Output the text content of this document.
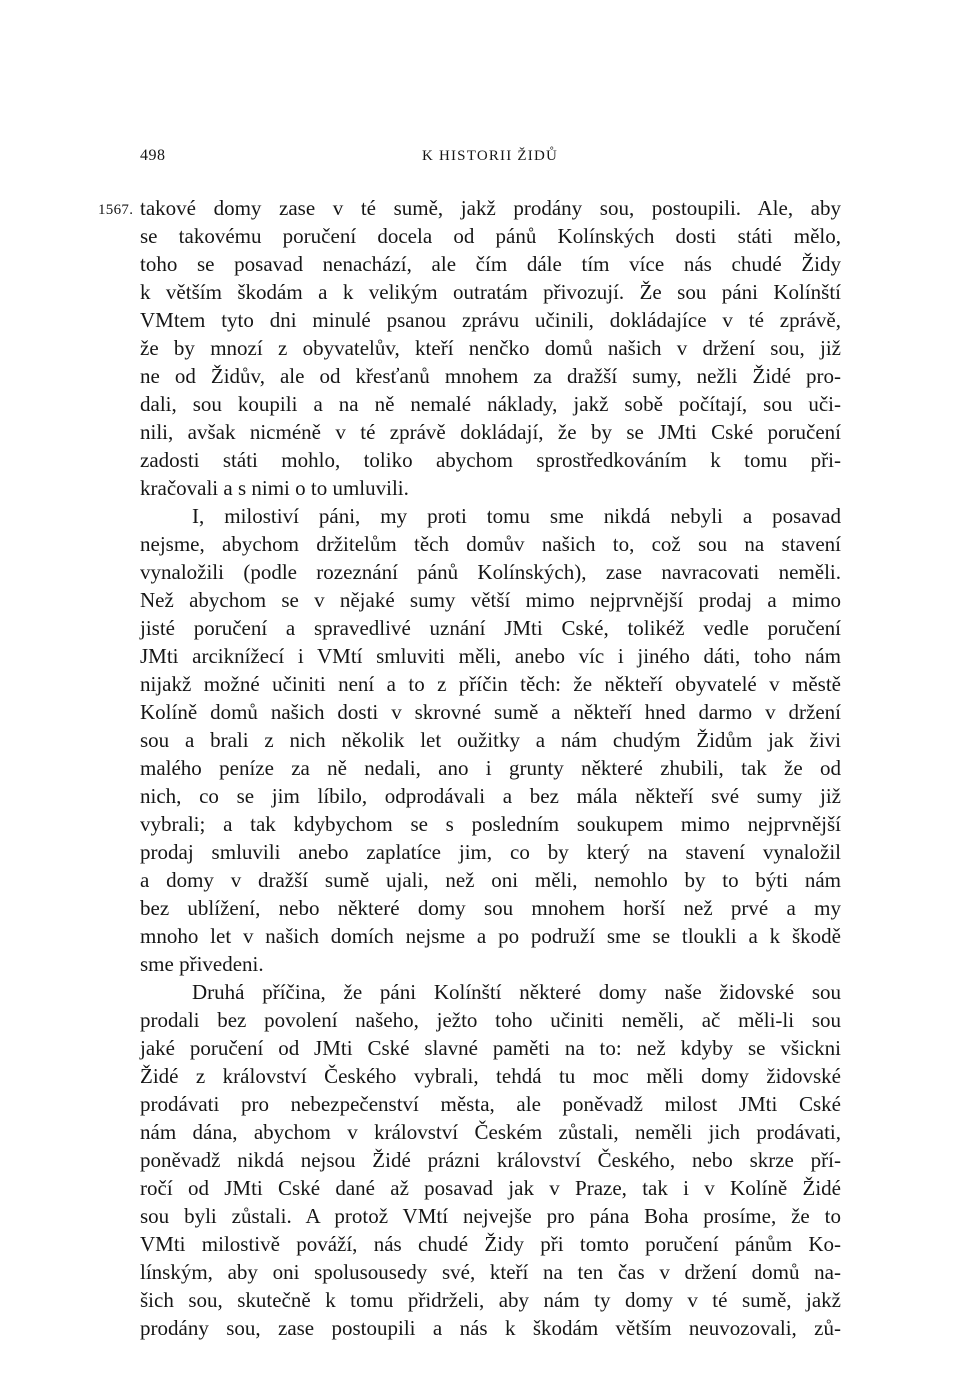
498	K HISTORII ŽIDŮ
1567. takové domy zase v té sumě, jakž prodány sou, postoupili. Ale, aby
se takovému poručení docela od pánů Kolínských dosti státi mělo,
toho se posavad nenachází, ale čím dále tím více nás chudé Židy
k větším škodám a k velikým outratám přivozují. Že sou páni Kolínští
VMtem tyto dni minulé psanou zprávu učinili, dokládajíce v té zprávě,
že by mnozí z obyvatelův, kteří nenčko domů našich v držení sou, již
ne od Židův, ale od křesťanů mnohem za dražší sumy, nežli Židé pro-
dali, sou koupili a na ně nemalé náklady, jakž sobě počítají, sou uči-
nili, avšak nicméně v té zprávě dokládají, že by se JMti Cské poručení
zadosti státi mohlo, toliko abychom sprostředkováním k tomu při-
kračovali a s nimi o to umluvili.
I, milostiví páni, my proti tomu sme nikdá nebyli a posavad
nejsme, abychom držitelům těch domův našich to, což sou na stavení
vynaložili (podle rozeznání pánů Kolínských), zase navracovati neměli.
Než abychom se v nějaké sumy větší mimo nejprvnější prodaj a mimo
jisté poručení a spravedlivé uznání JMti Cské, tolikéž vedle poručení
JMti arciknížecí i VMtí smluviti měli, anebo víc i jiného dáti, toho nám
nijakž možné učiniti není a to z příčin těch: že někteří obyvatelé v městě
Kolíně domů našich dosti v skrovné sumě a někteří hned darmo v držení
sou a brali z nich několik let oužitky a nám chudým Židům jak živi
malého peníze za ně nedali, ano i grunty některé zhubili, tak že od
nich, co se jim líbilo, odprodávali a bez mála někteří své sumy již
vybrali; a tak kdybychom se s posledním soukupem mimo nejprvnější
prodaj smluvili anebo zaplatíce jim, co by který na stavení vynaložil
a domy v dražší sumě ujali, než oni měli, nemohlo by to býti nám
bez ublížení, nebo některé domy sou mnohem horší než prvé a my
mnoho let v našich domích nejsme a po podruží sme se tloukli a k škodě
sme přivedeni.
Druhá příčina, že páni Kolínští některé domy naše židovské sou
prodali bez povolení našeho, ježto toho učiniti neměli, ač měli-li sou
jaké poručení od JMti Cské slavné paměti na to: než kdyby se všickni
Židé z království Českého vybrali, tehdá tu moc měli domy židovské
prodávati pro nebezpečenství města, ale poněvadž milost JMti Cské
nám dána, abychom v království Českém zůstali, neměli jich prodávati,
poněvadž nikdá nejsou Židé prázni království Českého, nebo skrze pří-
ročí od JMti Cské dané až posavad jak v Praze, tak i v Kolíně Židé
sou byli zůstali. A protož VMtí nejvejše pro pána Boha prosíme, že to
VMti milostivě pováží, nás chudé Židy při tomto poručení pánům Ko-
línským, aby oni spolusousedy své, kteří na ten čas v držení domů na-
šich sou, skutečně k tomu přidrželi, aby nám ty domy v té sumě, jakž
prodány sou, zase postoupili a nás k škodám větším neuvozovali, zů-
